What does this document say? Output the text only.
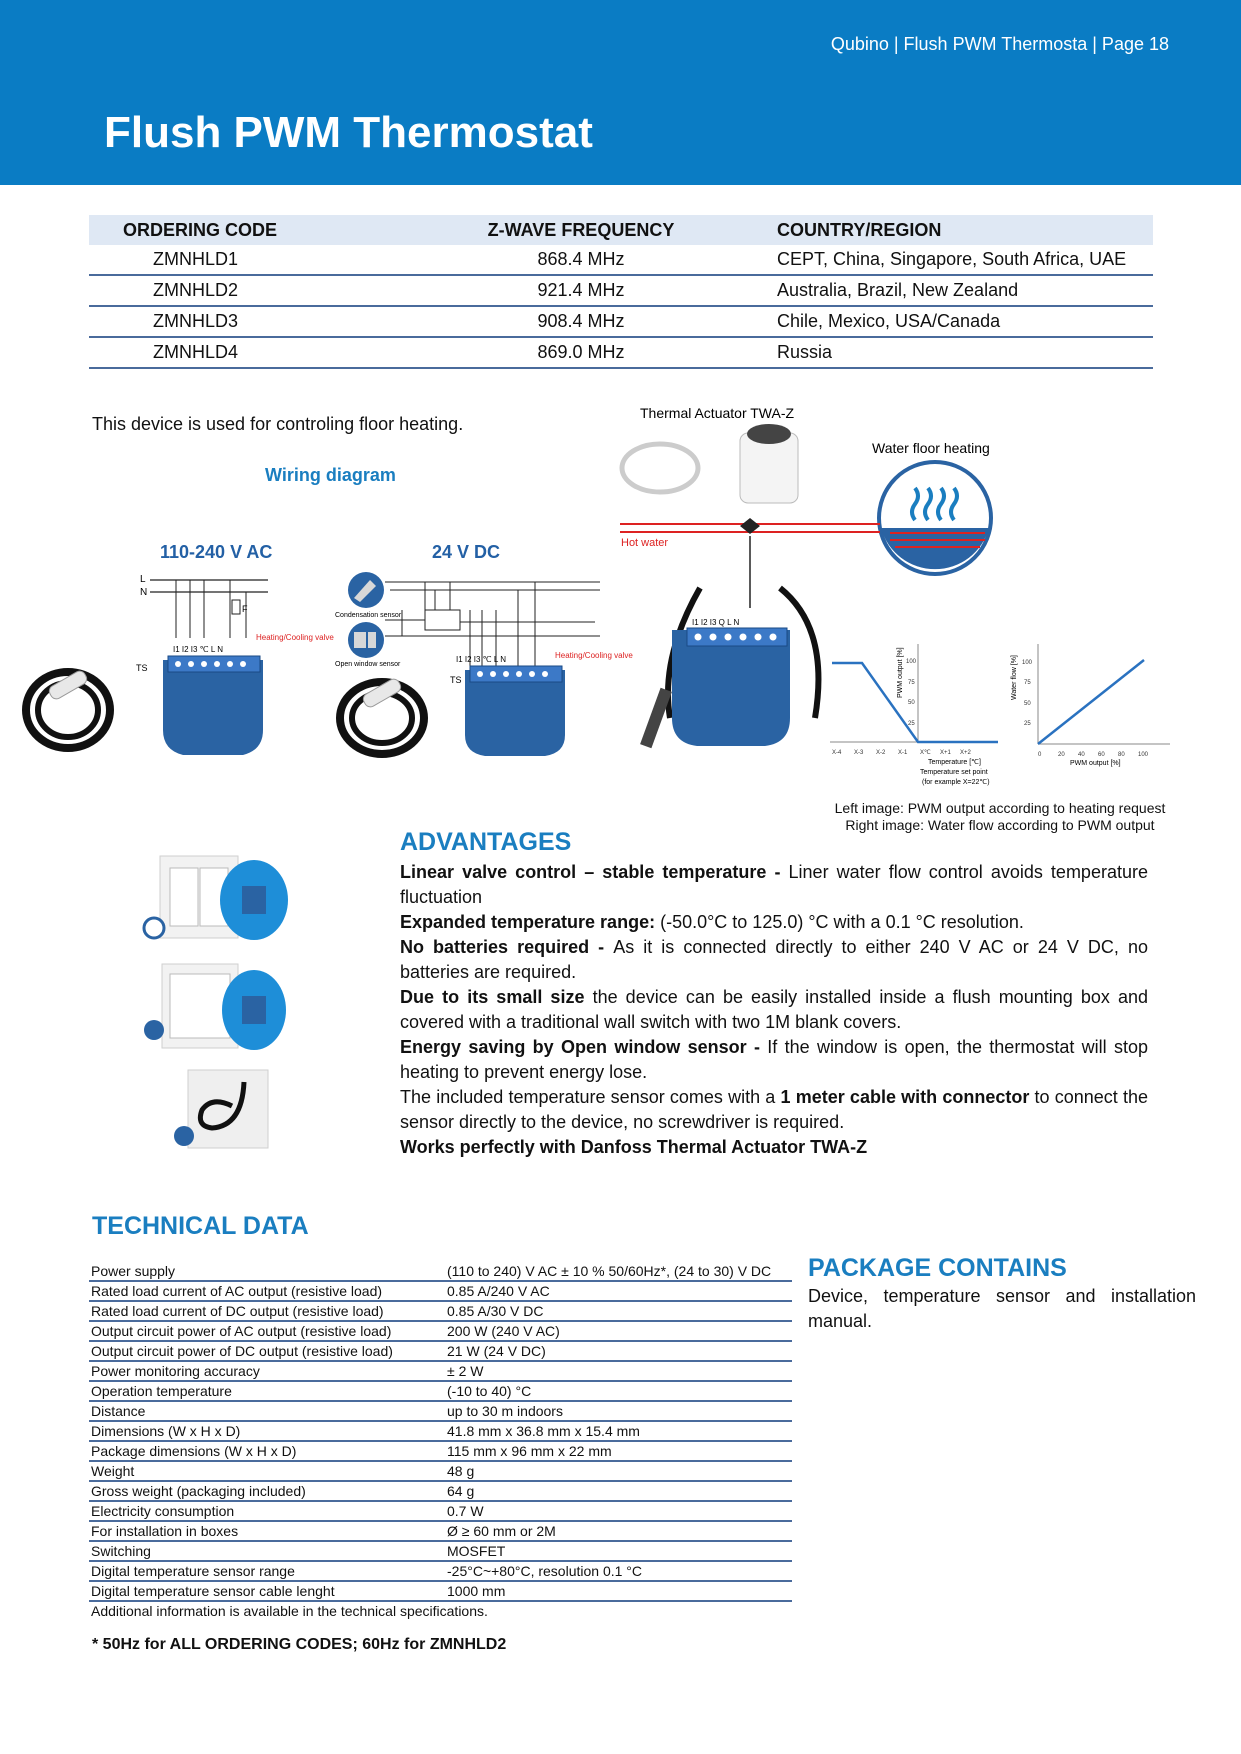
Qubino | Flush PWM Thermosta | Page 18
Flush PWM Thermostat
ORDERING CODE	Z-WAVE FREQUENCY	COUNTRY/REGION
ZMNHLD1	868.4 MHz	CEPT, China, Singapore, South Africa, UAE
ZMNHLD2	921.4 MHz	Australia, Brazil, New Zealand
ZMNHLD3	908.4 MHz	Chile, Mexico, USA/Canada
ZMNHLD4	869.0 MHz	Russia
This device is used for controling floor heating.
Wiring diagram
110-240 V AC	24 V DC
L
N
F
I1 I2 I3 ℃ L N
Heating/Cooling valve
TS
Condensation sensor
Open window sensor
I1 I2 I3 ℃ L N	Heating/Cooling valve
TS
Thermal Actuator TWA-Z
Water floor heating
Hot water
I1 I2 I3 Q L N
PWM output [%] 100
75
50
25
X-4 X-3 X-2 X-1 X℃ X+1 X+2
Temperature [℃]
Temperature set point
(for example X=22℃)
Water flow [%] 100
75
50
25
0	20 40 60 80 100
PWM output [%]
Left image: PWM output according to heating request
Right image: Water flow according to PWM output
ADVANTAGES

Linear valve control – stable temperature - Liner water flow control avoids temperature fluctuation

Expanded temperature range: (-50.0°C to 125.0) °C with a 0.1 °C resolution.

No batteries required - As it is connected directly to either 240 V AC or 24 V DC, no batteries are required.

Due to its small size the device can be easily installed inside a flush mounting box and covered with a traditional wall switch with two 1M blank covers.

Energy saving by Open window sensor - If the window is open, the thermostat will stop heating to prevent energy lose.

The included temperature sensor comes with a 1 meter cable with connector to connect the sensor directly to the device, no screwdriver is required.

Works perfectly with Danfoss Thermal Actuator TWA-Z

TECHNICAL DATA
Power supply	(110 to 240) V AC ± 10 % 50/60Hz*, (24 to 30) V DC
Rated load current of AC output (resistive load)	0.85 A/240 V AC
Rated load current of DC output (resistive load)	0.85 A/30 V DC
Output circuit power of AC output (resistive load)	200 W (240 V AC)
Output circuit power of DC output (resistive load)	21 W (24 V DC)
Power monitoring accuracy	± 2 W
Operation temperature	(-10 to 40) °C
Distance	up to 30 m indoors
Dimensions (W x H x D)	41.8 mm x 36.8 mm x 15.4 mm
Package dimensions (W x H x D)	115 mm x 96 mm x 22 mm
Weight	48 g
Gross weight (packaging included)	64 g
Electricity consumption	0.7 W
For installation in boxes	Ø ≥ 60 mm or 2M
Switching	MOSFET
Digital temperature sensor range	-25°C~+80°C, resolution 0.1 °C
Digital temperature sensor cable lenght	1000 mm
Additional information is available in the technical specifications.	
* 50Hz for ALL ORDERING CODES; 60Hz for ZMNHLD2
PACKAGE CONTAINS
Device, temperature sensor and installation manual.
